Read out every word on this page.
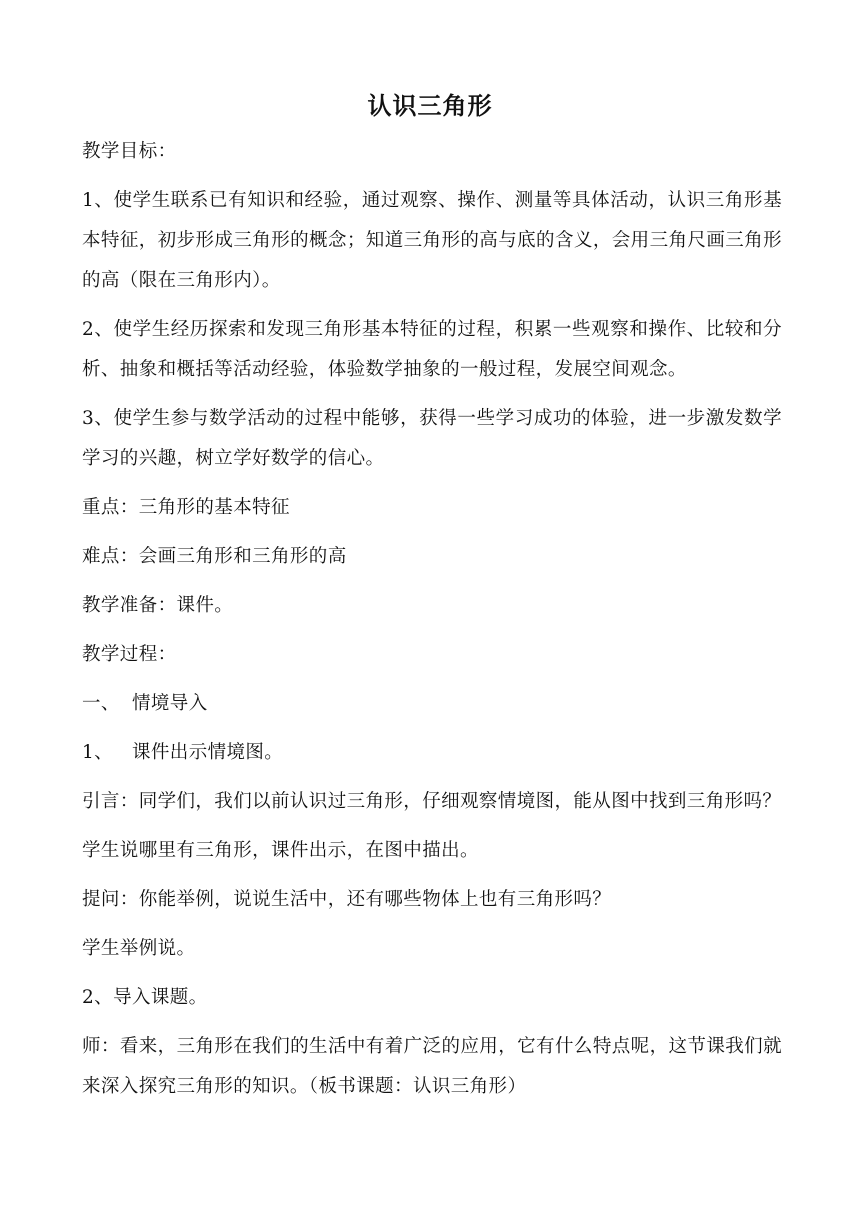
认识三角形

教学目标：

1、使学生联系已有知识和经验，通过观察、操作、测量等具体活动，认识三角形基本特征，初步形成三角形的概念；知道三角形的高与底的含义，会用三角尺画三角形的高（限在三角形内）。

2、使学生经历探索和发现三角形基本特征的过程，积累一些观察和操作、比较和分析、抽象和概括等活动经验，体验数学抽象的一般过程，发展空间观念。

3、使学生参与数学活动的过程中能够，获得一些学习成功的体验，进一步激发数学学习的兴趣，树立学好数学的信心。

重点：三角形的基本特征

难点：会画三角形和三角形的高

教学准备：课件。

教学过程：

一、 情境导入

1、 课件出示情境图。

引言：同学们，我们以前认识过三角形，仔细观察情境图，能从图中找到三角形吗？

学生说哪里有三角形，课件出示，在图中描出。

提问：你能举例，说说生活中，还有哪些物体上也有三角形吗？

学生举例说。

2、导入课题。

师：看来，三角形在我们的生活中有着广泛的应用，它有什么特点呢，这节课我们就来深入探究三角形的知识。（板书课题：认识三角形）
